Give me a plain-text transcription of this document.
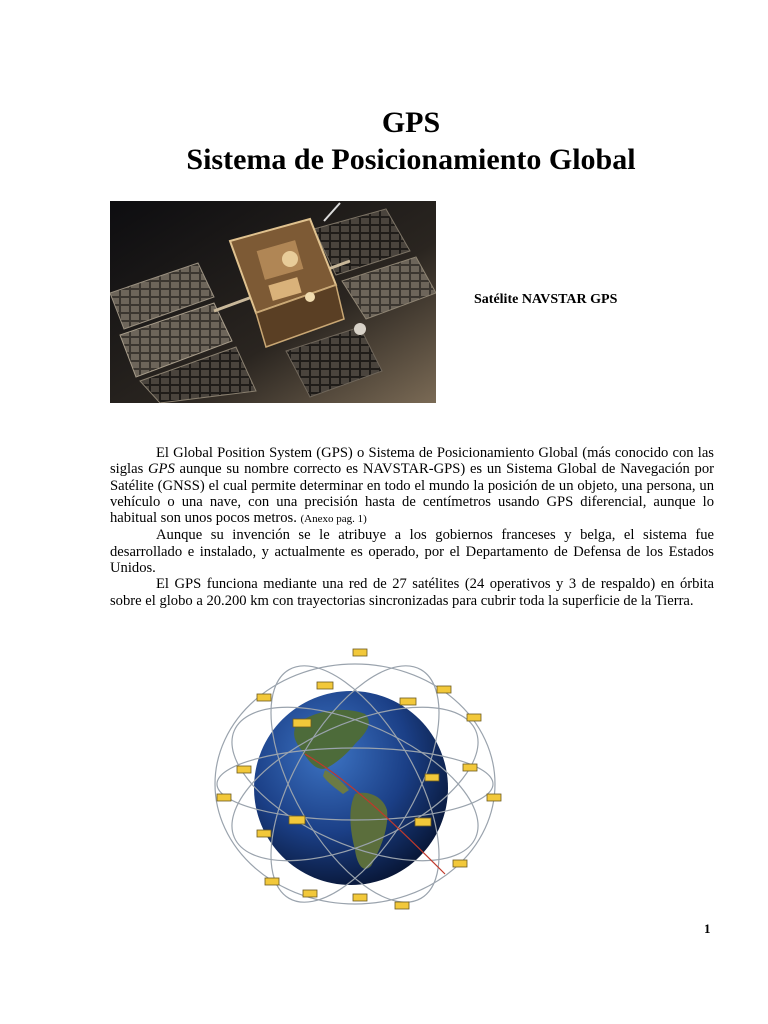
GPS
Sistema de Posicionamiento Global
Satélite NAVSTAR GPS

El Global Position System (GPS) o Sistema de Posicionamiento Global (más conocido con las siglas GPS aunque su nombre correcto es NAVSTAR-GPS) es un Sistema Global de Navegación por Satélite (GNSS) el cual permite determinar en todo el mundo la posición de un objeto, una persona, un vehículo o una nave, con una precisión hasta de centímetros usando GPS diferencial, aunque lo habitual son unos pocos metros. (Anexo pag. 1)

Aunque su invención se le atribuye a los gobiernos franceses y belga, el sistema fue desarrollado e instalado, y actualmente es operado, por el Departamento de Defensa de los Estados Unidos.

El GPS funciona mediante una red de 27 satélites (24 operativos y 3 de respaldo) en órbita sobre el globo a 20.200 km con trayectorias sincronizadas para cubrir toda la superficie de la Tierra.

1
